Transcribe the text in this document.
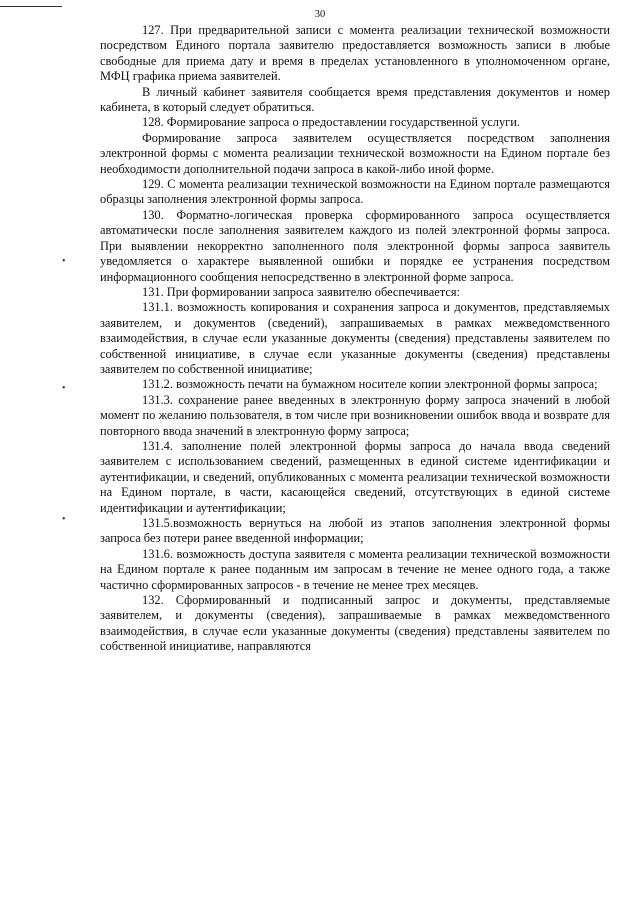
30
•
•
•

127. При предварительной записи с момента реализации технической возможности посредством Единого портала заявителю предоставляется возможность записи в любые свободные для приема дату и время в пределах установленного в уполномоченном органе, МФЦ графика приема заявителей.

В личный кабинет заявителя сообщается время представления документов и номер кабинета, в который следует обратиться.

128. Формирование запроса о предоставлении государственной услуги.

Формирование запроса заявителем осуществляется посредством заполнения электронной формы с момента реализации технической возможности на Едином портале без необходимости дополнительной подачи запроса в какой-либо иной форме.

129. С момента реализации технической возможности на Едином портале размещаются образцы заполнения электронной формы запроса.

130. Форматно-логическая проверка сформированного запроса осуществляется автоматически после заполнения заявителем каждого из полей электронной формы запроса. При выявлении некорректно заполненного поля электронной формы запроса заявитель уведомляется о характере выявленной ошибки и порядке ее устранения посредством информационного сообщения непосредственно в электронной форме запроса.

131. При формировании запроса заявителю обеспечивается:

131.1. возможность копирования и сохранения запроса и документов, представляемых заявителем, и документов (сведений), запрашиваемых в рамках межведомственного взаимодействия, в случае если указанные документы (сведения) представлены заявителем по собственной инициативе, в случае если указанные документы (сведения) представлены заявителем по собственной инициативе;

131.2. возможность печати на бумажном носителе копии электронной формы запроса;

131.3. сохранение ранее введенных в электронную форму запроса значений в любой момент по желанию пользователя, в том числе при возникновении ошибок ввода и возврате для повторного ввода значений в электронную форму запроса;

131.4. заполнение полей электронной формы запроса до начала ввода сведений заявителем с использованием сведений, размещенных в единой системе идентификации и аутентификации, и сведений, опубликованных с момента реализации технической возможности на Едином портале, в части, касающейся сведений, отсутствующих в единой системе идентификации и аутентификации;

131.5.возможность вернуться на любой из этапов заполнения электронной формы запроса без потери ранее введенной информации;

131.6. возможность доступа заявителя с момента реализации технической возможности на Едином портале к ранее поданным им запросам в течение не менее одного года, а также частично сформированных запросов - в течение не менее трех месяцев.

132. Сформированный и подписанный запрос и документы, представляемые заявителем, и документы (сведения), запрашиваемые в рамках межведомственного взаимодействия, в случае если указанные документы (сведения) представлены заявителем по собственной инициативе, направляются
